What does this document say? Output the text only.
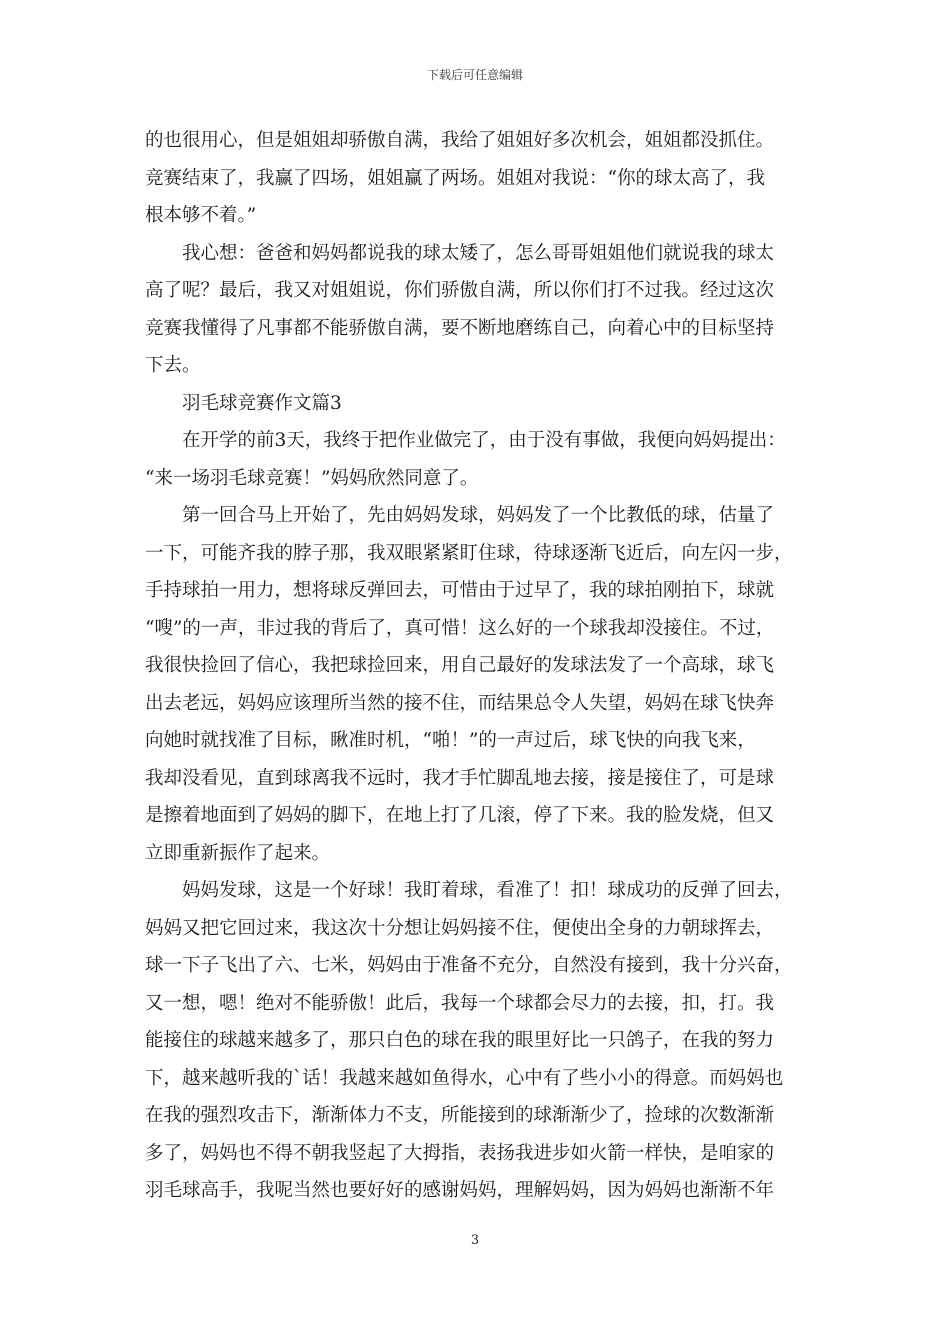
下载后可任意编辑
的也很用心，但是姐姐却骄傲自满，我给了姐姐好多次机会，姐姐都没抓住。
竞赛结束了，我赢了四场，姐姐赢了两场。姐姐对我说：“你的球太高了，我
根本够不着。”
我心想：爸爸和妈妈都说我的球太矮了，怎么哥哥姐姐他们就说我的球太
高了呢？最后，我又对姐姐说，你们骄傲自满，所以你们打不过我。经过这次
竞赛我懂得了凡事都不能骄傲自满，要不断地磨练自己，向着心中的目标坚持
下去。
羽毛球竞赛作文篇3
在开学的前3天，我终于把作业做完了，由于没有事做，我便向妈妈提出：
“来一场羽毛球竞赛！”妈妈欣然同意了。
第一回合马上开始了，先由妈妈发球，妈妈发了一个比教低的球，估量了
一下，可能齐我的脖子那，我双眼紧紧盯住球，待球逐渐飞近后，向左闪一步，
手持球拍一用力，想将球反弹回去，可惜由于过早了，我的球拍刚拍下，球就
“嗖”的一声，非过我的背后了，真可惜！这么好的一个球我却没接住。不过，
我很快捡回了信心，我把球捡回来，用自己最好的发球法发了一个高球，球飞
出去老远，妈妈应该理所当然的接不住，而结果总令人失望，妈妈在球飞快奔
向她时就找准了目标，瞅准时机，“啪！”的一声过后，球飞快的向我飞来，
我却没看见，直到球离我不远时，我才手忙脚乱地去接，接是接住了，可是球
是擦着地面到了妈妈的脚下，在地上打了几滚，停了下来。我的脸发烧，但又
立即重新振作了起来。
妈妈发球，这是一个好球！我盯着球，看准了！扣！球成功的反弹了回去，
妈妈又把它回过来，我这次十分想让妈妈接不住，便使出全身的力朝球挥去，
球一下子飞出了六、七米，妈妈由于准备不充分，自然没有接到，我十分兴奋，
又一想，嗯！绝对不能骄傲！此后，我每一个球都会尽力的去接，扣，打。我
能接住的球越来越多了，那只白色的球在我的眼里好比一只鸽子，在我的努力
下，越来越听我的`话！我越来越如鱼得水，心中有了些小小的得意。而妈妈也
在我的强烈攻击下，渐渐体力不支，所能接到的球渐渐少了，捡球的次数渐渐
多了，妈妈也不得不朝我竖起了大拇指，表扬我进步如火箭一样快，是咱家的
羽毛球高手，我呢当然也要好好的感谢妈妈，理解妈妈，因为妈妈也渐渐不年
3
